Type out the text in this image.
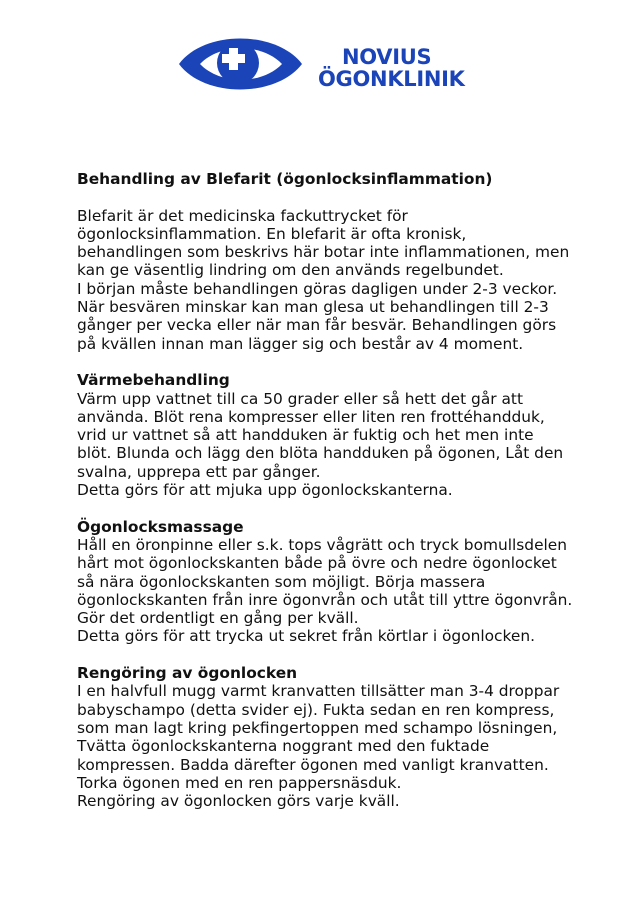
NOVIUS
ÖGONKLINIK
Behandling av Blefarit (ögonlocksinflammation)
Blefarit är det medicinska fackuttrycket för
ögonlocksinflammation. En blefarit är ofta kronisk,
behandlingen som beskrivs här botar inte inflammationen, men
kan ge väsentlig lindring om den används regelbundet.
I början måste behandlingen göras dagligen under 2-3 veckor.
När besvären minskar kan man glesa ut behandlingen till 2-3
gånger per vecka eller när man får besvär. Behandlingen görs
på kvällen innan man lägger sig och består av 4 moment.
Värmebehandling
Värm upp vattnet till ca 50 grader eller så hett det går att
använda. Blöt rena kompresser eller liten ren frottéhandduk,
vrid ur vattnet så att handduken är fuktig och het men inte
blöt. Blunda och lägg den blöta handduken på ögonen, Låt den
svalna, upprepa ett par gånger.
Detta görs för att mjuka upp ögonlockskanterna.
Ögonlocksmassage
Håll en öronpinne eller s.k. tops vågrätt och tryck bomullsdelen
hårt mot ögonlockskanten både på övre och nedre ögonlocket
så nära ögonlockskanten som möjligt. Börja massera
ögonlockskanten från inre ögonvrån och utåt till yttre ögonvrån.
Gör det ordentligt en gång per kväll.
Detta görs för att trycka ut sekret från körtlar i ögonlocken.
Rengöring av ögonlocken
I en halvfull mugg varmt kranvatten tillsätter man 3-4 droppar
babyschampo (detta svider ej). Fukta sedan en ren kompress,
som man lagt kring pekfingertoppen med schampo lösningen,
Tvätta ögonlockskanterna noggrant med den fuktade
kompressen. Badda därefter ögonen med vanligt kranvatten.
Torka ögonen med en ren pappersnäsduk.
Rengöring av ögonlocken görs varje kväll.
